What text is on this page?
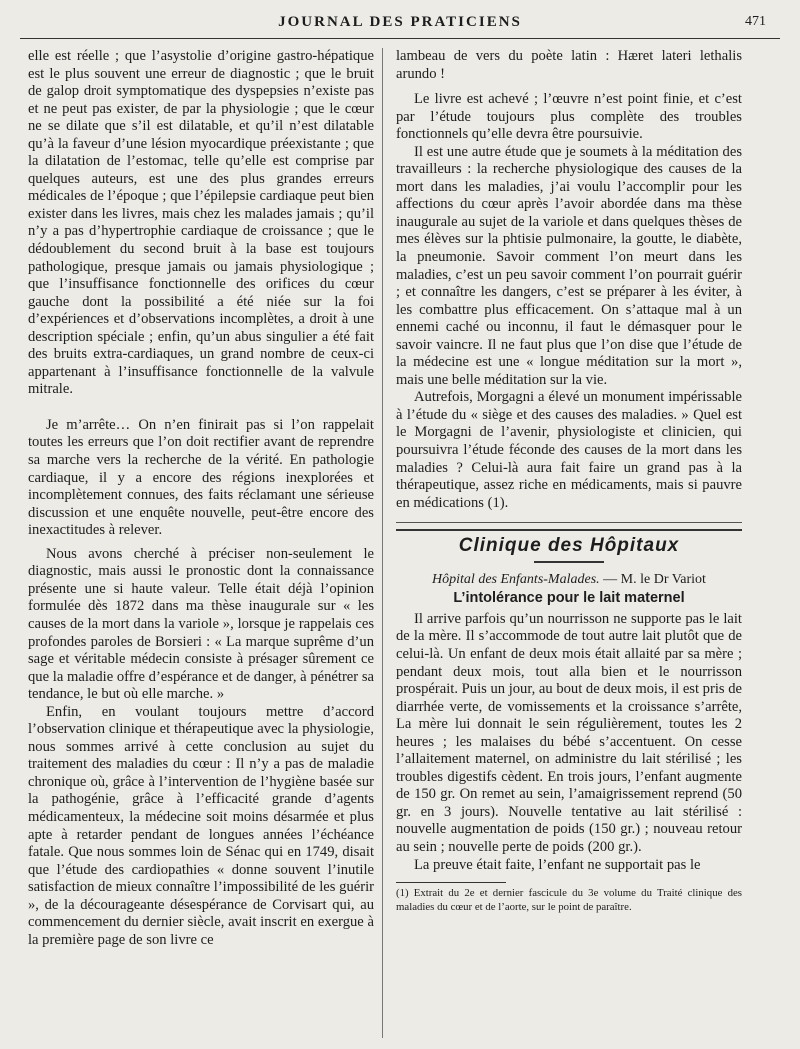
JOURNAL DES PRATICIENS	471

elle est réelle ; que l’asystolie d’origine gastro-hépatique est le plus souvent une erreur de diagnostic ; que le bruit de galop droit symptomatique des dyspepsies n’existe pas et ne peut pas exister, de par la physiologie ; que le cœur ne se dilate que s’il est dilatable, et qu’il n’est dilatable qu’à la faveur d’une lésion myocardique préexistante ; que la dilatation de l’estomac, telle qu’elle est comprise par quelques auteurs, est une des plus grandes erreurs médicales de l’époque ; que l’épilepsie cardiaque peut bien exister dans les livres, mais chez les malades jamais ; qu’il n’y a pas d’hypertrophie cardiaque de croissance ; que le dédoublement du second bruit à la base est toujours pathologique, presque jamais ou jamais physiologique ; que l’insuffisance fonctionnelle des orifices du cœur gauche dont la possibilité a été niée sur la foi d’expériences et d’observations incomplètes, a droit à une description spéciale ; enfin, qu’un abus singulier a été fait des bruits extra-cardiaques, un grand nombre de ceux-ci appartenant à l’insuffisance fonctionnelle de la valvule mitrale.

Je m’arrête… On n’en finirait pas si l’on rappelait toutes les erreurs que l’on doit rectifier avant de reprendre sa marche vers la recherche de la vérité. En pathologie cardiaque, il y a encore des régions inexplorées et incomplètement connues, des faits réclamant une sérieuse discussion et une enquête nouvelle, peut-être encore des inexactitudes à relever.

Nous avons cherché à préciser non-seulement le diagnostic, mais aussi le pronostic dont la connaissance présente une si haute valeur. Telle était déjà l’opinion formulée dès 1872 dans ma thèse inaugurale sur « les causes de la mort dans la variole », lorsque je rappelais ces profondes paroles de Borsieri : « La marque suprême d’un sage et véritable médecin consiste à présager sûrement ce que la maladie offre d’espérance et de danger, à pénétrer sa tendance, le but où elle marche. »

Enfin, en voulant toujours mettre d’accord l’observation clinique et thérapeutique avec la physiologie, nous sommes arrivé à cette conclusion au sujet du traitement des maladies du cœur : Il n’y a pas de maladie chronique où, grâce à l’intervention de l’hygiène basée sur la pathogénie, grâce à l’efficacité grande d’agents médicamenteux, la médecine soit moins désarmée et plus apte à retarder pendant de longues années l’échéance fatale. Que nous sommes loin de Sénac qui en 1749, disait que l’étude des cardiopathies « donne souvent l’inutile satisfaction de mieux connaître l’impossibilité de les guérir », de la décourageante désespérance de Corvisart qui, au commencement du dernier siècle, avait inscrit en exergue à la première page de son livre ce

lambeau de vers du poète latin : Hæret lateri lethalis arundo !

Le livre est achevé ; l’œuvre n’est point finie, et c’est par l’étude toujours plus complète des troubles fonctionnels qu’elle devra être poursuivie.

Il est une autre étude que je soumets à la méditation des travailleurs : la recherche physiologique des causes de la mort dans les maladies, j’ai voulu l’accomplir pour les affections du cœur après l’avoir abordée dans ma thèse inaugurale au sujet de la variole et dans quelques thèses de mes élèves sur la phtisie pulmonaire, la goutte, le diabète, la pneumonie. Savoir comment l’on meurt dans les maladies, c’est un peu savoir comment l’on pourrait guérir ; et connaître les dangers, c’est se préparer à les éviter, à les combattre plus efficacement. On s’attaque mal à un ennemi caché ou inconnu, il faut le démasquer pour le savoir vaincre. Il ne faut plus que l’on dise que l’étude de la médecine est une « longue méditation sur la mort », mais une belle méditation sur la vie.

Autrefois, Morgagni a élevé un monument impérissable à l’étude du « siège et des causes des maladies. » Quel est le Morgagni de l’avenir, physiologiste et clinicien, qui poursuivra l’étude féconde des causes de la mort dans les maladies ? Celui-là aura fait faire un grand pas à la thérapeutique, assez riche en médicaments, mais si pauvre en médications (1).

Clinique des Hôpitaux

Hôpital des Enfants-Malades. — M. le Dr Variot

L’intolérance pour le lait maternel

Il arrive parfois qu’un nourrisson ne supporte pas le lait de la mère. Il s’accommode de tout autre lait plutôt que de celui-là. Un enfant de deux mois était allaité par sa mère ; pendant deux mois, tout alla bien et le nourrisson prospérait. Puis un jour, au bout de deux mois, il est pris de diarrhée verte, de vomissements et la croissance s’arrête, La mère lui donnait le sein régulièrement, toutes les 2 heures ; les malaises du bébé s’accentuent. On cesse l’allaitement maternel, on administre du lait stérilisé ; les troubles digestifs cèdent. En trois jours, l’enfant augmente de 150 gr. On remet au sein, l’amaigrissement reprend (50 gr. en 3 jours). Nouvelle tentative au lait stérilisé : nouvelle augmentation de poids (150 gr.) ; nouveau retour au sein ; nouvelle perte de poids (200 gr.).

La preuve était faite, l’enfant ne supportait pas le

(1) Extrait du 2e et dernier fascicule du 3e volume du Traité clinique des maladies du cœur et de l’aorte, sur le point de paraître.
